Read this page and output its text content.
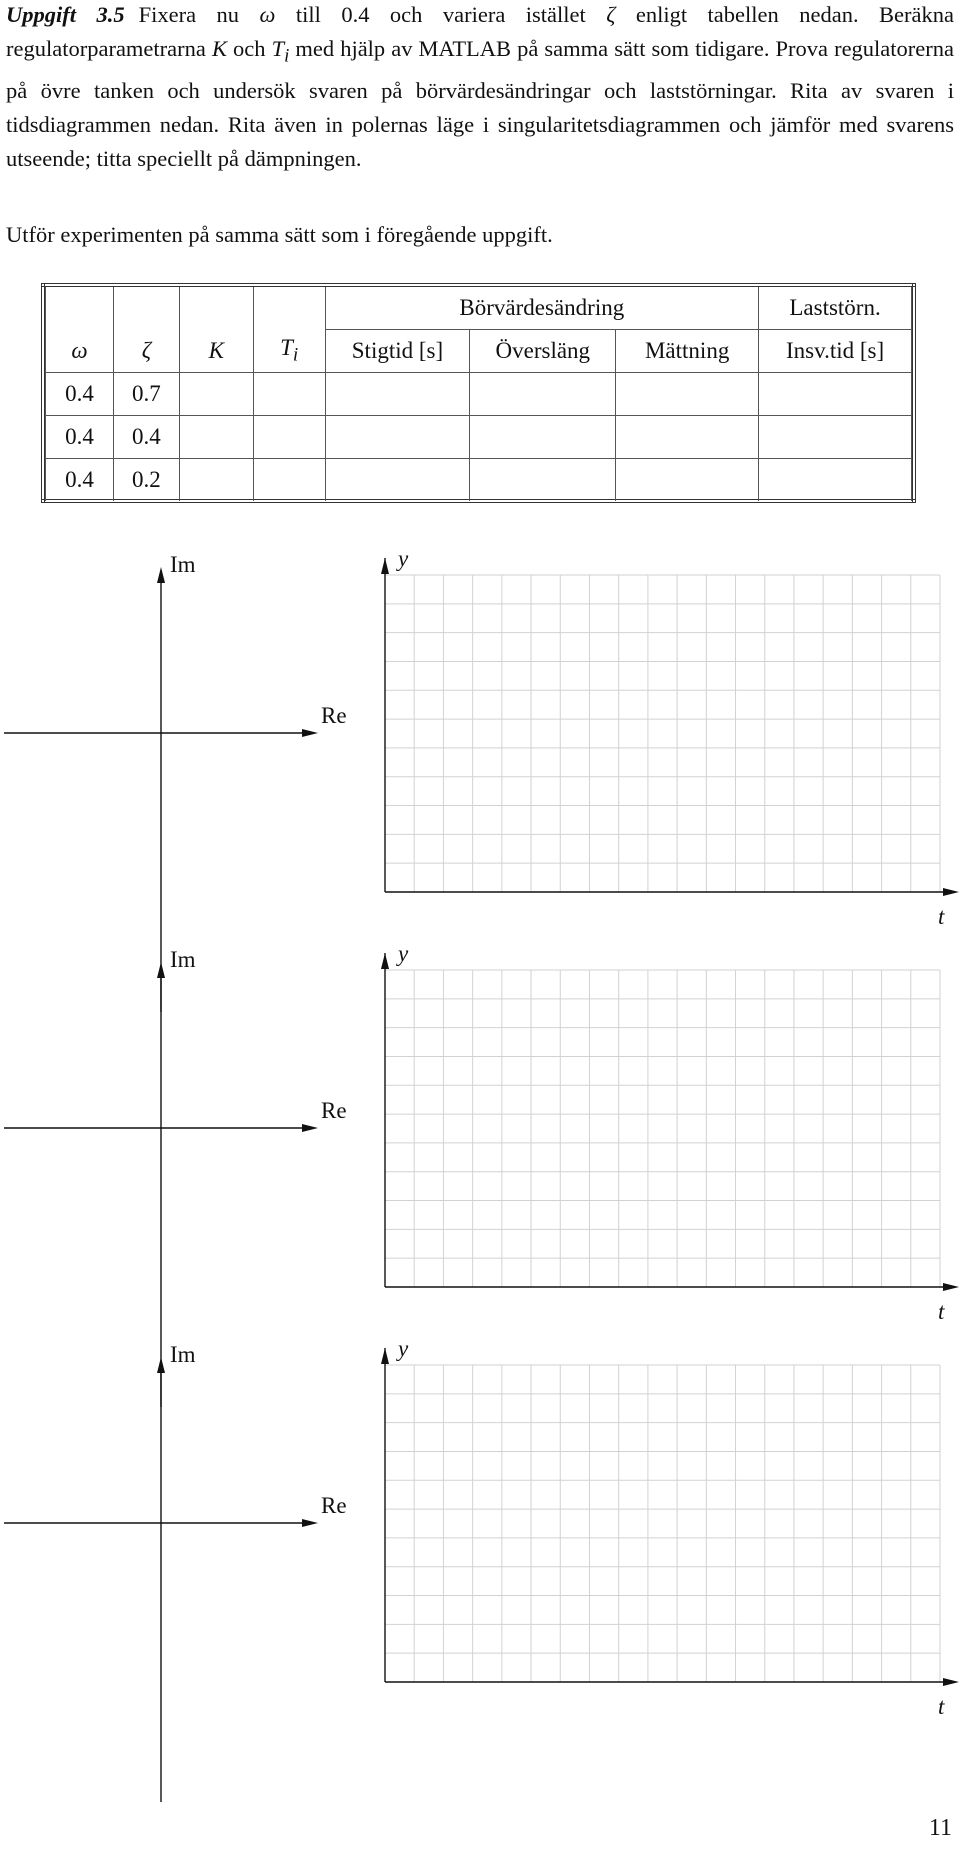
Uppgift 3.5 Fixera nu ω till 0.4 och variera istället ζ enligt tabellen nedan. Beräkna regulatorparametrarna K och $T_i$ med hjälp av MATLAB på samma sätt som tidigare. Prova regulatorerna på övre tanken och undersök svaren på börvärdesändringar och laststörningar. Rita av svaren i tidsdiagrammen nedan. Rita även in polernas läge i singularitetsdiagrammen och jämför med svarens utseende; titta speciellt på dämpningen.
Utför experimenten på samma sätt som i föregående uppgift.
				Börvärdesändring			Laststörn.
ω	ζ	K	$T_i$	Stigtid [s]	Översläng	Mättning	Insv.tid [s]
0.4	0.7						
0.4	0.4						
0.4	0.2						
Im
Re
y
t
Im
Re
y
t
Im
Re
y
t
11
